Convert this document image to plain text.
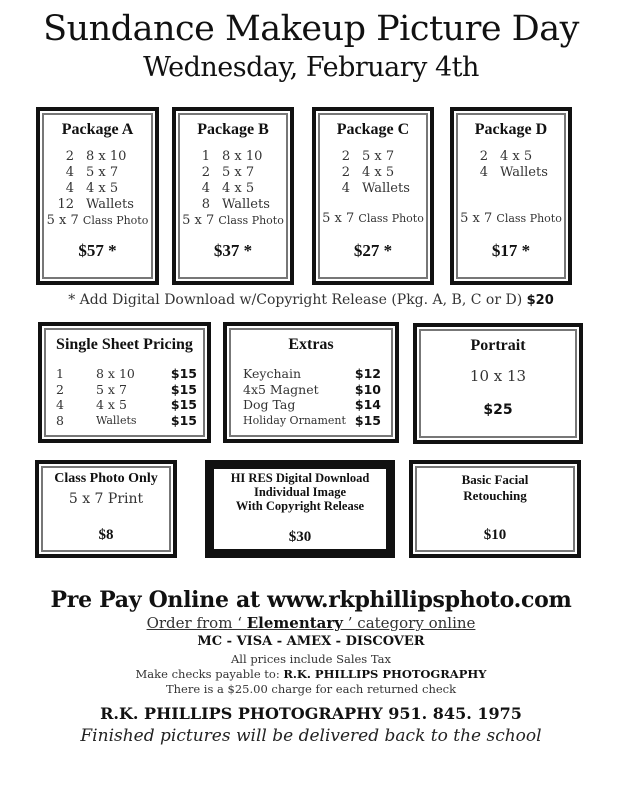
Sundance Makeup Picture Day
Wednesday, February 4th
Package A
2 8 x 10
4 5 x 7
4 4 x 5
12 Wallets
5 x 7 Class Photo
$57 *
Package B
1 8 x 10
2 5 x 7
4 4 x 5
8 Wallets
5 x 7 Class Photo
$37 *
Package C
2 5 x 7
2 4 x 5
4 Wallets
5 x 7 Class Photo
$27 *
Package D
2 4 x 5
4 Wallets
5 x 7 Class Photo
$17 *
* Add Digital Download w/Copyright Release (Pkg. A, B, C or D) $20
Single Sheet Pricing
1	8 x 10	$15
2	5 x 7	$15
4	4 x 5	$15
8	Wallets	$15
Extras
Keychain	$12
4x5 Magnet	$10
Dog Tag	$14
Holiday Ornament $15
Portrait
10 x 13
$25
Class Photo Only
5 x 7 Print
$8
HI RES Digital Download
Individual Image
With Copyright Release
$30
Basic Facial
Retouching
$10
Pre Pay Online at www.rkphillipsphoto.com
Order from ‘ Elementary ’ category online
MC - VISA - AMEX - DISCOVER
All prices include Sales Tax
Make checks payable to: R.K. PHILLIPS PHOTOGRAPHY
There is a $25.00 charge for each returned check
R.K. PHILLIPS PHOTOGRAPHY 951. 845. 1975
Finished pictures will be delivered back to the school
